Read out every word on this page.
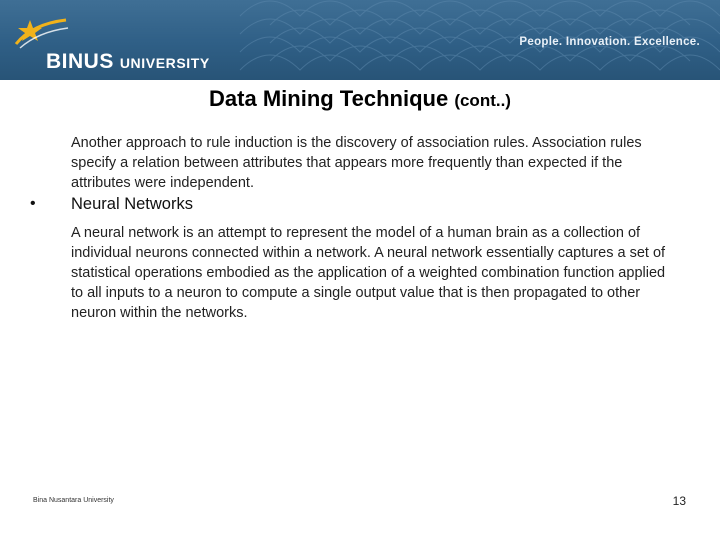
BINUS UNIVERSITY
People. Innovation. Excellence.
Data Mining Technique (cont..)
Another approach to rule induction is the discovery of association rules. Association rules specify a relation between attributes that appears more frequently than expected if the attributes were independent.
• Neural Networks
A neural network is an attempt to represent the model of a human brain as a collection of individual neurons connected within a network. A neural network essentially captures a set of statistical operations embodied as the application of a weighted combination function applied to all inputs to a neuron to compute a single output value that is then propagated to other neuron within the networks.
Bina Nusantara University	13
